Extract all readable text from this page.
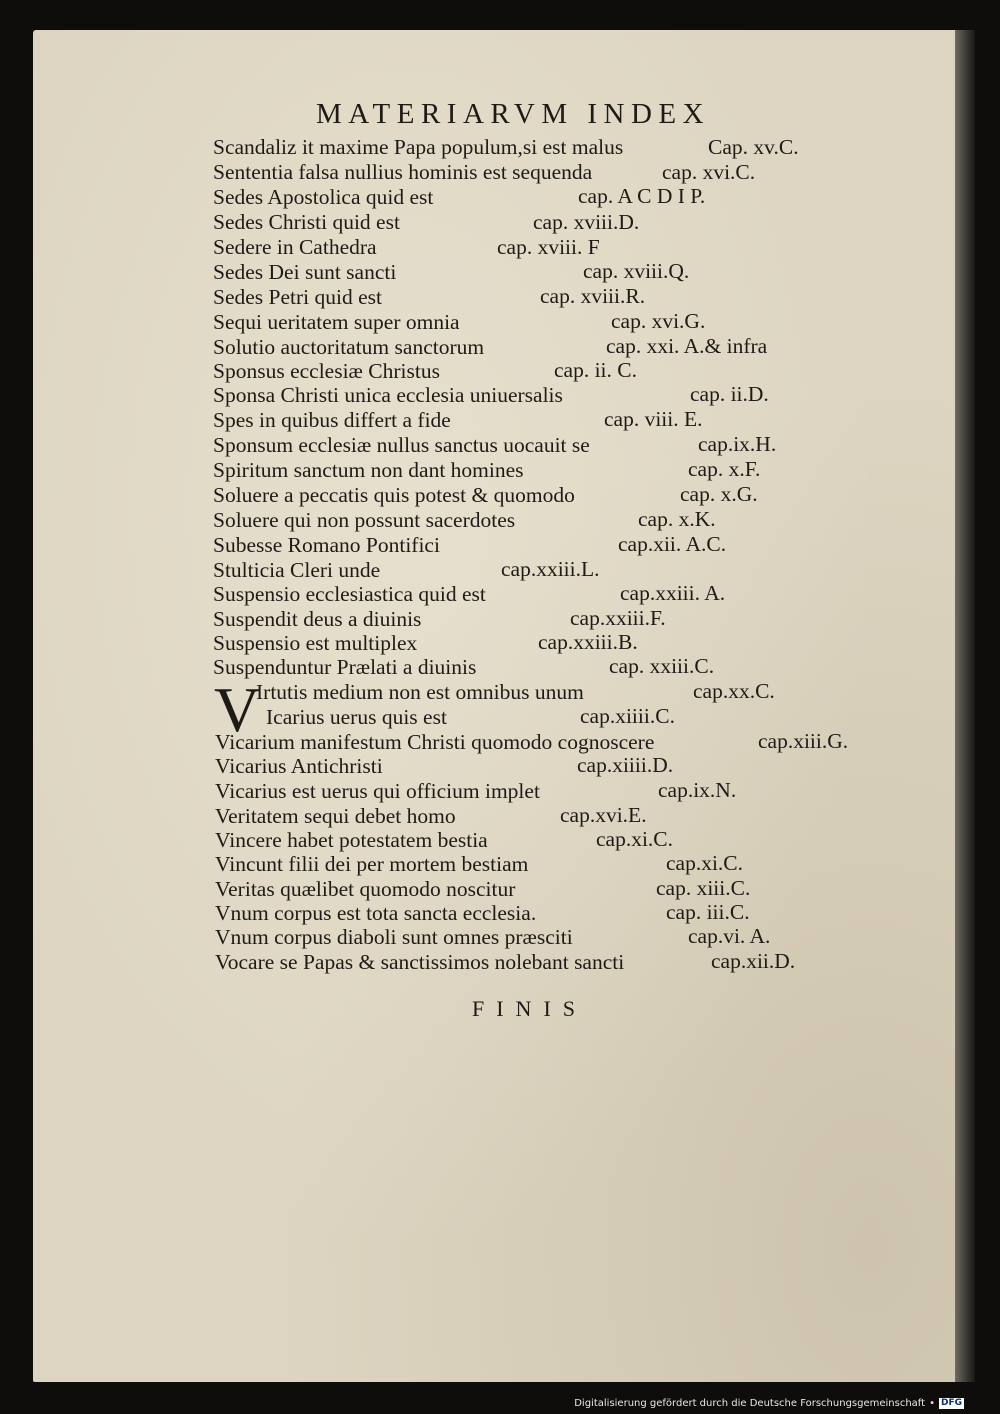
MATERIARVM INDEX
V
Scandaliz it maxime Papa populum,si est malus	Cap. xv.C.
Sententia falsa nullius hominis est sequenda	cap. xvi.C.
Sedes Apostolica quid est	cap. A C D I P.
Sedes Christi quid est	cap. xviii.D.
Sedere in Cathedra	cap. xviii. F
Sedes Dei sunt sancti	cap. xviii.Q.
Sedes Petri quid est	cap. xviii.R.
Sequi ueritatem super omnia	cap. xvi.G.
Solutio auctoritatum sanctorum	cap. xxi. A.& infra
Sponsus ecclesiæ Christus	cap. ii. C.
Sponsa Christi unica ecclesia uniuersalis	cap. ii.D.
Spes in quibus differt a fide	cap. viii. E.
Sponsum ecclesiæ nullus sanctus uocauit se	cap.ix.H.
Spiritum sanctum non dant homines	cap. x.F.
Soluere a peccatis quis potest & quomodo	cap. x.G.
Soluere qui non possunt sacerdotes	cap. x.K.
Subesse Romano Pontifici	cap.xii. A.C.
Stulticia Cleri unde	cap.xxiii.L.
Suspensio ecclesiastica quid est	cap.xxiii. A.
Suspendit deus a diuinis	cap.xxiii.F.
Suspensio est multiplex	cap.xxiii.B.
Suspenduntur Prælati a diuinis	cap. xxiii.C.
Irtutis medium non est omnibus unum	cap.xx.C.
Icarius uerus quis est	cap.xiiii.C.
Vicarium manifestum Christi quomodo cognoscere	cap.xiii.G.
Vicarius Antichristi	cap.xiiii.D.
Vicarius est uerus qui officium implet	cap.ix.N.
Veritatem sequi debet homo	cap.xvi.E.
Vincere habet potestatem bestia	cap.xi.C.
Vincunt filii dei per mortem bestiam	cap.xi.C.
Veritas quælibet quomodo noscitur	cap. xiii.C.
Vnum corpus est tota sancta ecclesia.	cap. iii.C.
Vnum corpus diaboli sunt omnes præsciti	cap.vi. A.
Vocare se Papas & sanctissimos nolebant sancti	cap.xii.D.
FINIS
Digitalisierung gefördert durch die Deutsche Forschungsgemeinschaft • DFG
